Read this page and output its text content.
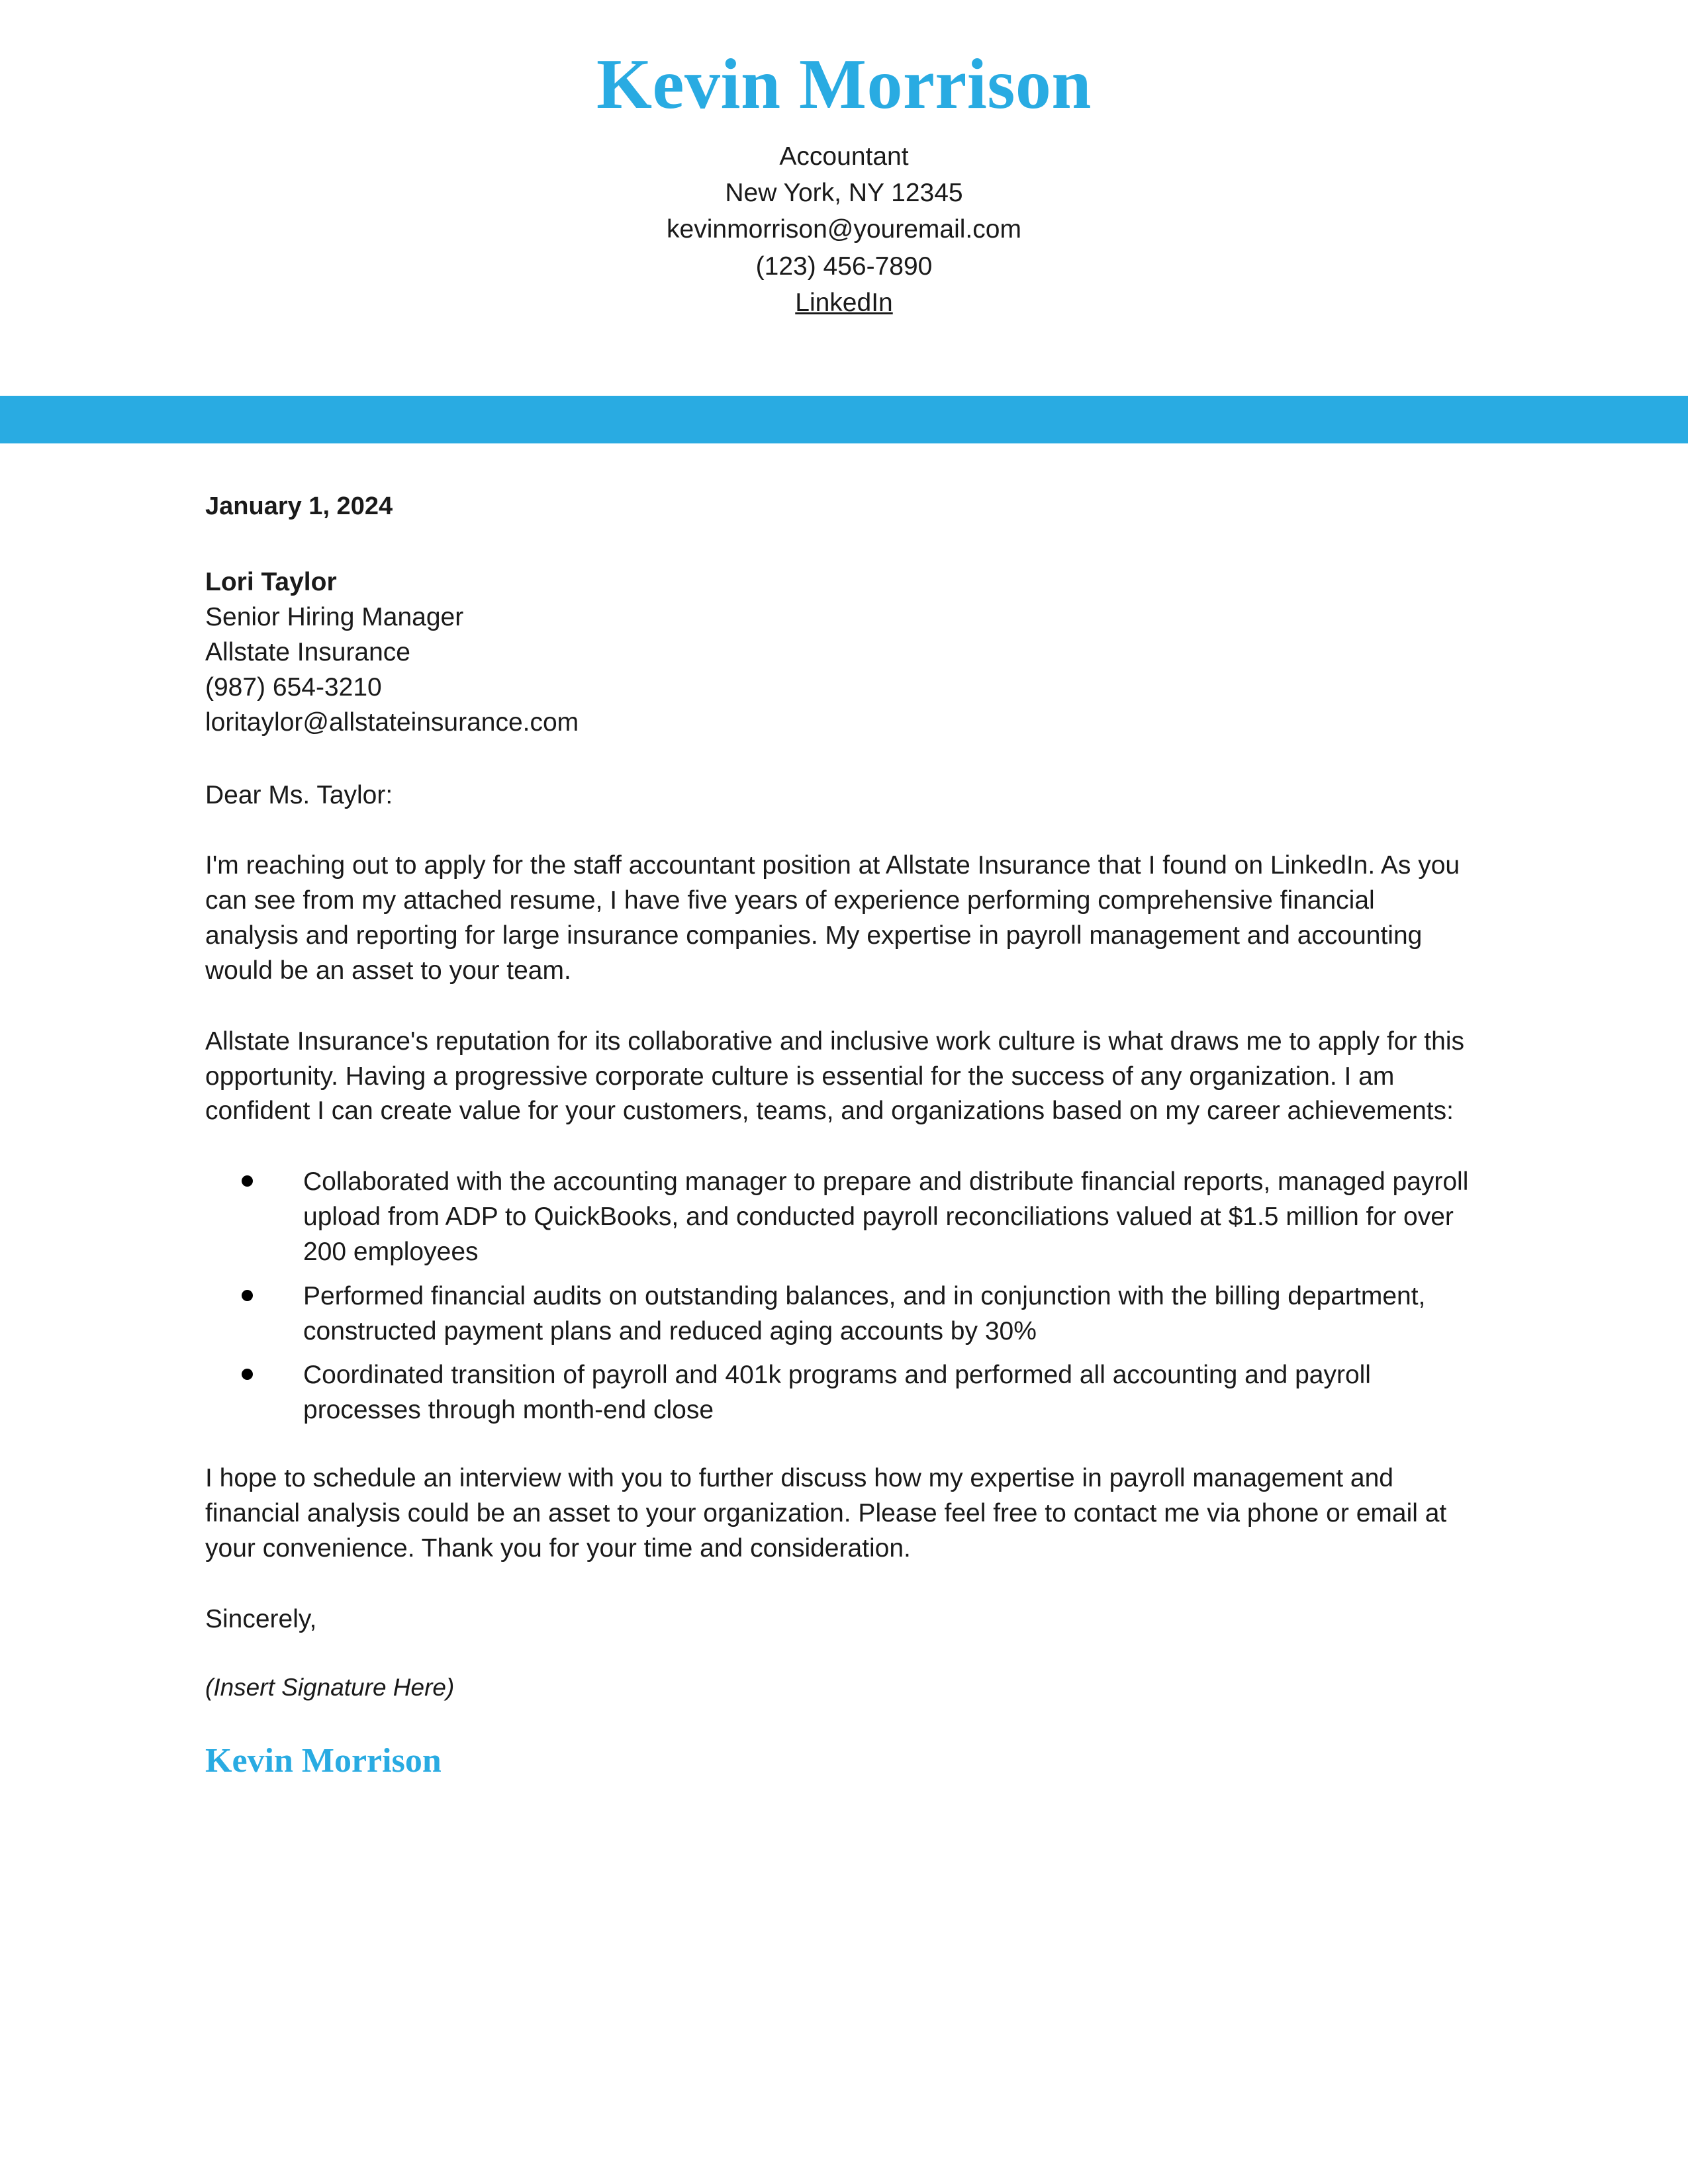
Kevin Morrison
Accountant
New York, NY 12345
kevinmorrison@youremail.com
(123) 456-7890
LinkedIn
January 1, 2024
Lori Taylor
Senior Hiring Manager
Allstate Insurance
(987) 654-3210
loritaylor@allstateinsurance.com
Dear Ms. Taylor:

I'm reaching out to apply for the staff accountant position at Allstate Insurance that I found on LinkedIn. As you can see from my attached resume, I have five years of experience performing comprehensive financial analysis and reporting for large insurance companies. My expertise in payroll management and accounting would be an asset to your team.

Allstate Insurance's reputation for its collaborative and inclusive work culture is what draws me to apply for this opportunity. Having a progressive corporate culture is essential for the success of any organization. I am confident I can create value for your customers, teams, and organizations based on my career achievements:

Collaborated with the accounting manager to prepare and distribute financial reports, managed payroll upload from ADP to QuickBooks, and conducted payroll reconciliations valued at $1.5 million for over 200 employees
Performed financial audits on outstanding balances, and in conjunction with the billing department, constructed payment plans and reduced aging accounts by 30%
Coordinated transition of payroll and 401k programs and performed all accounting and payroll processes through month-end close

I hope to schedule an interview with you to further discuss how my expertise in payroll management and financial analysis could be an asset to your organization. Please feel free to contact me via phone or email at your convenience. Thank you for your time and consideration.

Sincerely,
(Insert Signature Here)
Kevin Morrison
